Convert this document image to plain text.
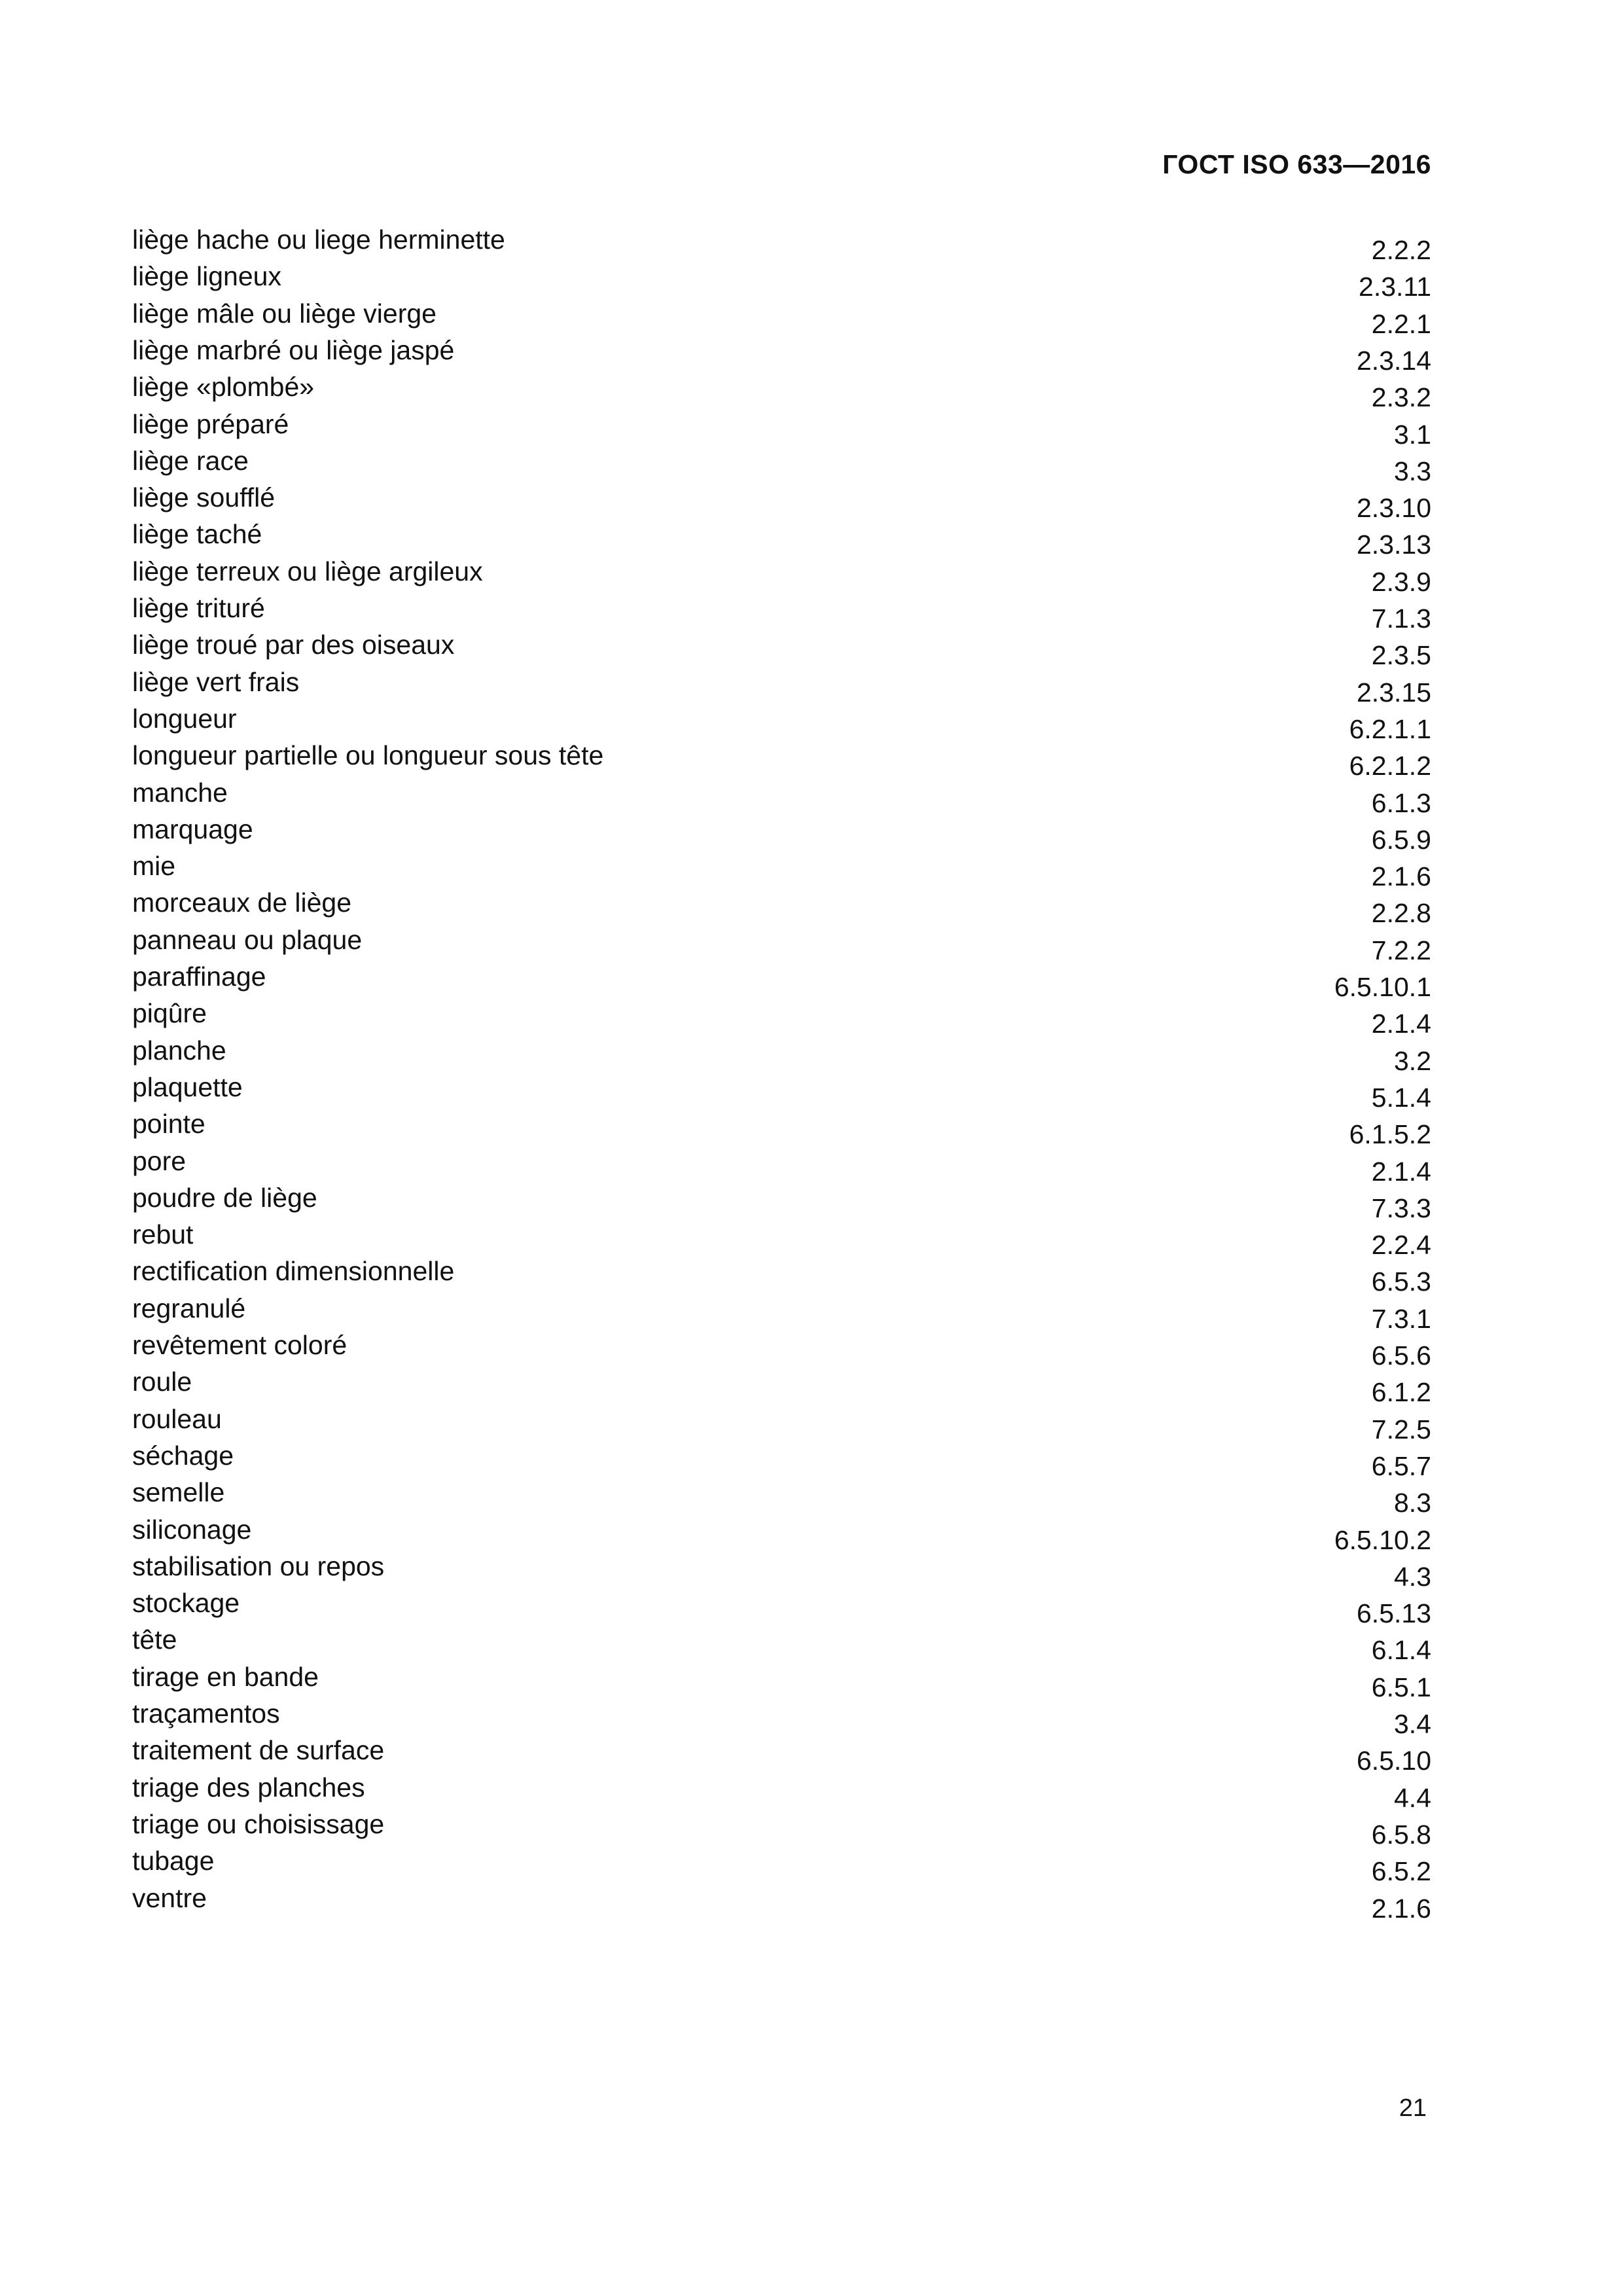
ГОСТ ISO 633—2016
liège hache ou liege herminette	2.2.2
liège ligneux	2.3.11
liège mâle ou liège vierge	2.2.1
liège marbré ou liège jaspé	2.3.14
liège «plombé»	2.3.2
liège préparé	3.1
liège race	3.3
liège soufflé	2.3.10
liège taché	2.3.13
liège terreux ou liège argileux	2.3.9
liège trituré	7.1.3
liège troué par des oiseaux	2.3.5
liège vert frais	2.3.15
longueur	6.2.1.1
longueur partielle ou longueur sous tête	6.2.1.2
manche	6.1.3
marquage	6.5.9
mie	2.1.6
morceaux de liège	2.2.8
panneau ou plaque	7.2.2
paraffinage	6.5.10.1
piqûre	2.1.4
planche	3.2
plaquette	5.1.4
pointe	6.1.5.2
pore	2.1.4
poudre de liège	7.3.3
rebut	2.2.4
rectification dimensionnelle	6.5.3
regranulé	7.3.1
revêtement coloré	6.5.6
roule	6.1.2
rouleau	7.2.5
séchage	6.5.7
semelle	8.3
siliconage	6.5.10.2
stabilisation ou repos	4.3
stockage	6.5.13
tête	6.1.4
tirage en bande	6.5.1
traçamentos	3.4
traitement de surface	6.5.10
triage des planches	4.4
triage ou choisissage	6.5.8
tubage	6.5.2
ventre	2.1.6
21
